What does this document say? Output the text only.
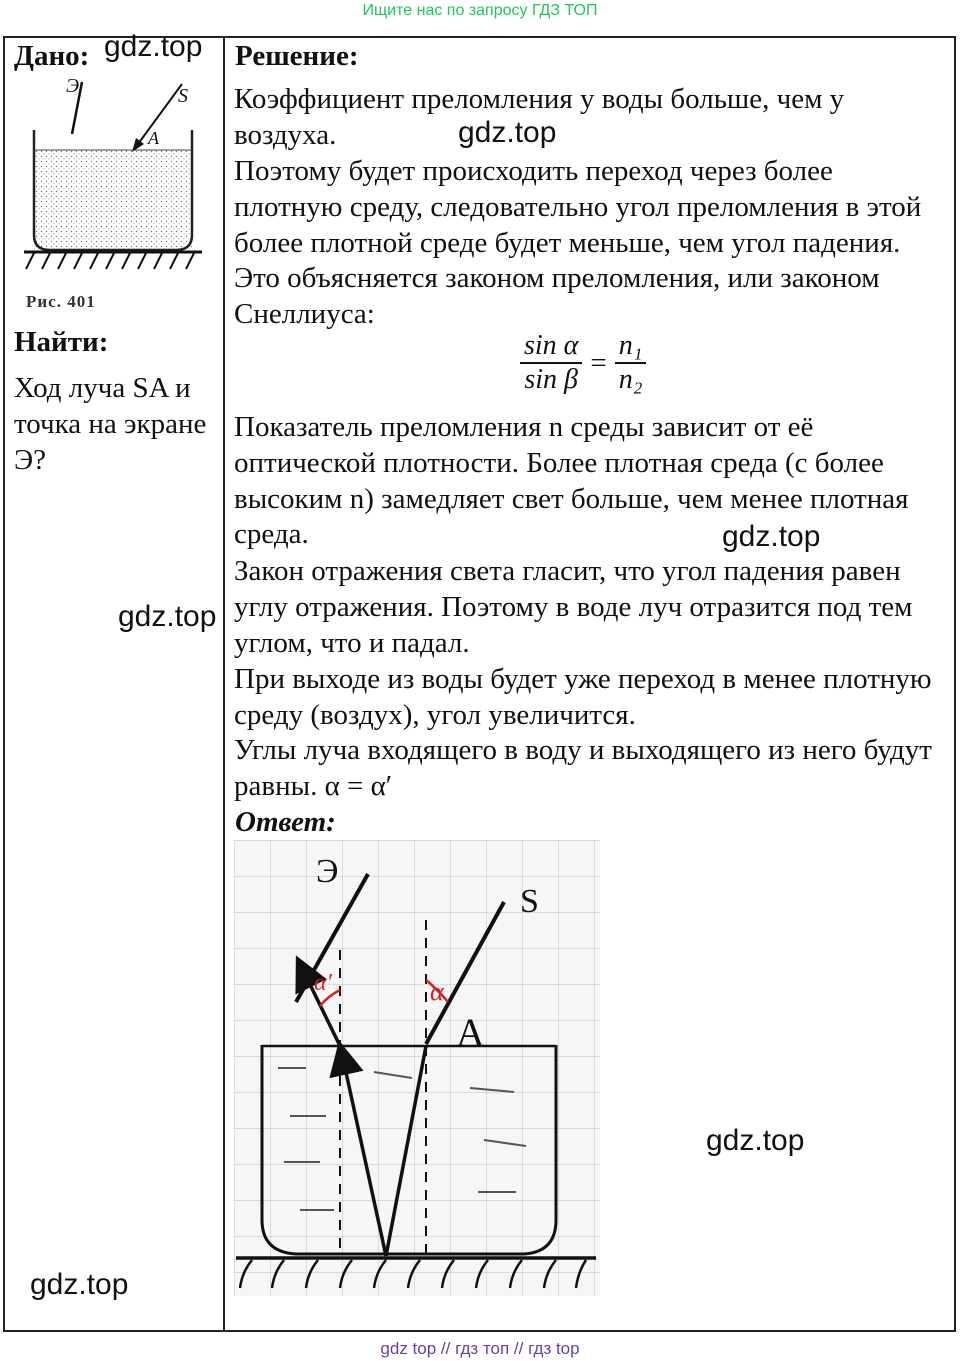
Ищите нас по запросу ГДЗ ТОП
Дано: gdz.top
Э	S
A
Рис. 401
Найти:
Ход луча SA и точка на экране Э?
gdz.top
gdz.top
Решение:
Коэффициент преломления у воды больше, чем у воздуха.	gdz.top
Поэтому будет происходить переход через более плотную среду, следовательно угол преломления в этой более плотной среде будет меньше, чем угол падения. Это объясняется законом преломления, или законом Снеллиуса:
$\frac{\text{sin α}}{\text{sin β}} = \frac{\text{n₁}}{\text{n₂}}$
Показатель преломления n среды зависит от её оптической плотности. Более плотная среда (с более высоким n) замедляет свет больше, чем менее плотная среда.	gdz.top
Закон отражения света гласит, что угол падения равен углу отражения. Поэтому в воде луч отразится под тем углом, что и падал.
При выходе из воды будет уже переход в менее плотную среду (воздух), угол увеличится.
Углы луча входящего в воду и выходящего из него будут равны. α = α′
Ответ:
Э
S
A
α
α′
gdz.top
gdz top // гдз топ // гдз top
